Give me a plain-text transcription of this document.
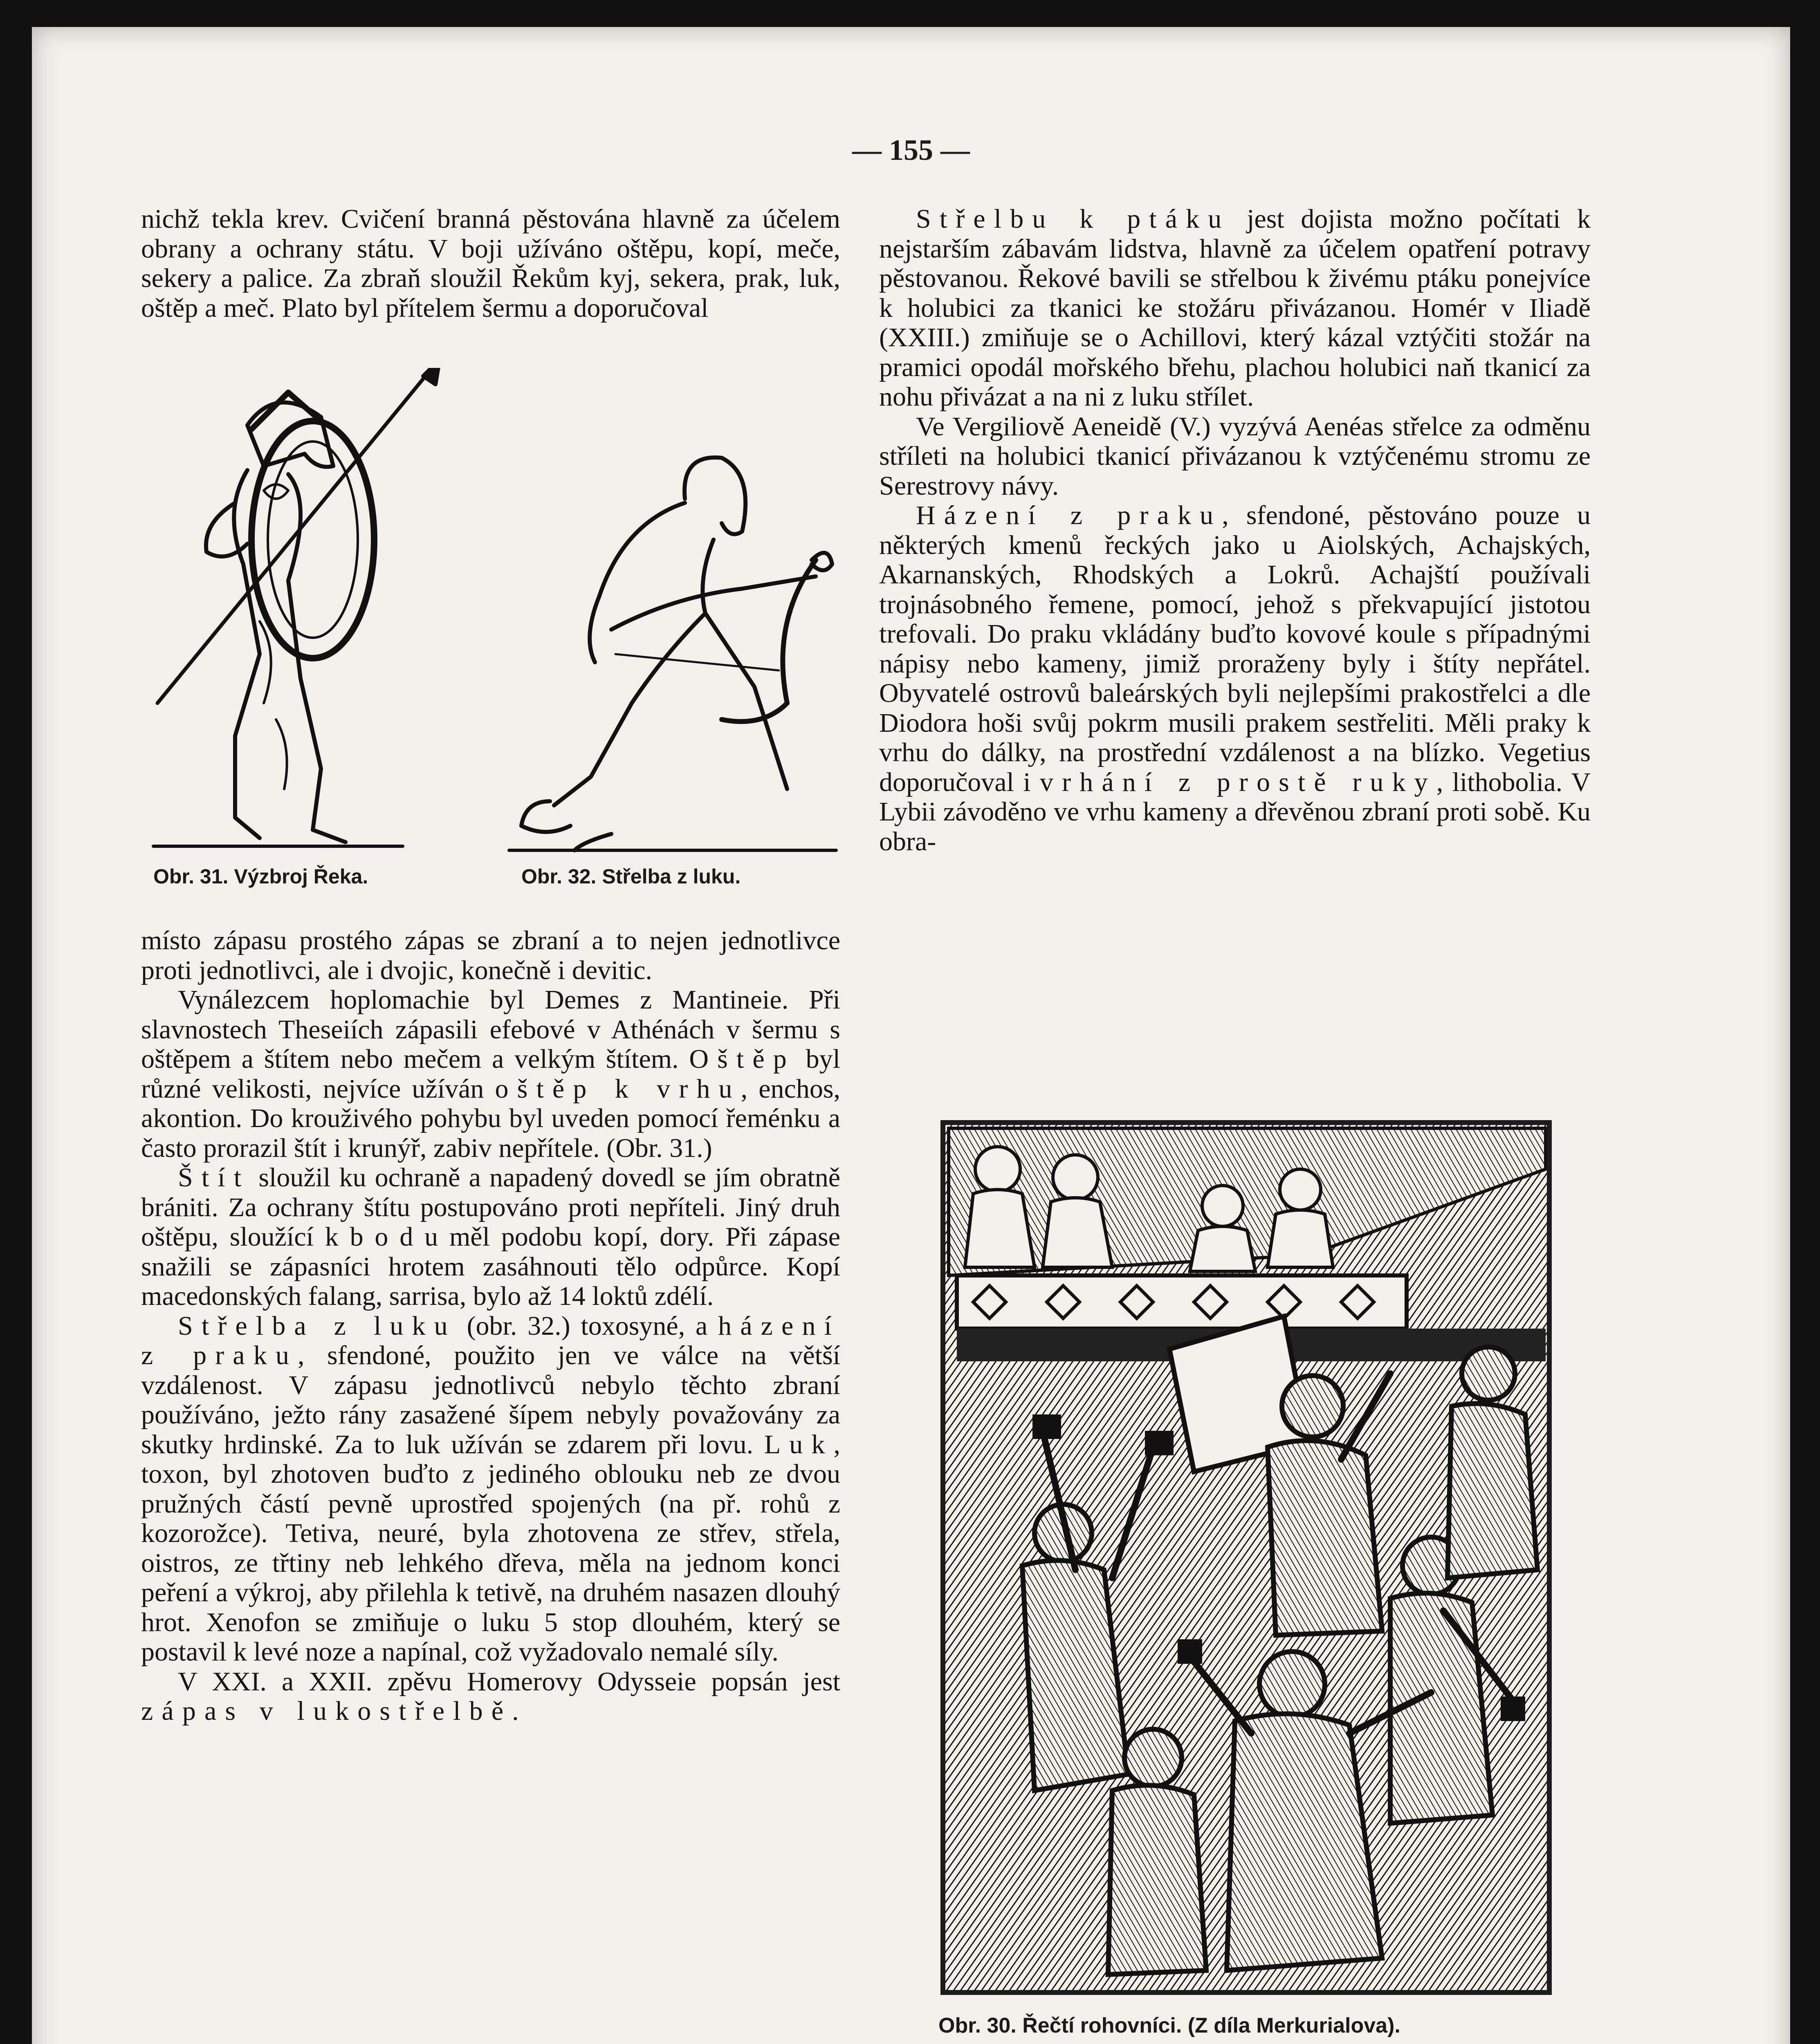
— 155 —

nichž tekla krev. Cvičení branná pěstována hlavně za účelem obrany a ochrany státu. V boji užíváno oštěpu, kopí, meče, sekery a palice. Za zbraň sloužil Řekům kyj, sekera, prak, luk, oštěp a meč. Plato byl přítelem šermu a doporučoval

Obr. 31. Výzbroj Řeka.	Obr. 32. Střelba z luku.

místo zápasu prostého zápas se zbraní a to nejen jednotlivce proti jednotlivci, ale i dvojic, konečně i devitic.

Vynálezcem hoplomachie byl Demes z Mantineie. Při slavnostech Theseiích zápasili efebové v Athénách v šermu s oštěpem a štítem nebo mečem a velkým štítem. Oštěp byl různé velikosti, nejvíce užíván oštěp k vrhu, enchos, akontion. Do krouživého pohybu byl uveden pomocí řeménku a často prorazil štít i krunýř, zabiv nepřítele. (Obr. 31.)

Štít sloužil ku ochraně a napadený dovedl se jím obratně brániti. Za ochrany štítu postupováno proti nepříteli. Jiný druh oštěpu, sloužící k b o d u měl podobu kopí, dory. Při zápase snažili se zápasníci hrotem zasáhnouti tělo odpůrce. Kopí macedonských falang, sarrisa, bylo až 14 loktů zdélí.

Střelba z luku (obr. 32.) toxosyné, a házení z praku, sfendoné, použito jen ve válce na větší vzdálenost. V zápasu jednotlivců nebylo těchto zbraní používáno, ježto rány zasažené šípem nebyly považovány za skutky hrdinské. Za to luk užíván se zdarem při lovu. Luk, toxon, byl zhotoven buďto z jediného oblouku neb ze dvou pružných částí pevně uprostřed spojených (na př. rohů z kozorožce). Tetiva, neuré, byla zhotovena ze střev, střela, oistros, ze třtiny neb lehkého dřeva, měla na jednom konci peření a výkroj, aby přilehla k tetivě, na druhém nasazen dlouhý hrot. Xenofon se zmiňuje o luku 5 stop dlouhém, který se postavil k levé noze a napínal, což vyžadovalo nemalé síly.

V XXI. a XXII. zpěvu Homerovy Odysseie popsán jest zápas v lukostřelbě.

Střelbu k ptáku jest dojista možno počítati k nejstarším zábavám lidstva, hlavně za účelem opatření potravy pěstovanou. Řekové bavili se střelbou k živému ptáku ponejvíce k holubici za tkanici ke stožáru přivázanou. Homér v Iliadě (XXIII.) zmiňuje se o Achillovi, který kázal vztýčiti stožár na pramici opodál mořského břehu, plachou holubici naň tkanicí za nohu přivázat a na ni z luku střílet.

Ve Vergiliově Aeneidě (V.) vyzývá Aenéas střelce za odměnu stříleti na holubici tkanicí přivázanou k vztýčenému stromu ze Serestrovy návy.

Házení z praku, sfendoné, pěstováno pouze u některých kmenů řeckých jako u Aiolských, Achajských, Akarnanských, Rhodských a Lokrů. Achajští používali trojnásobného řemene, pomocí, jehož s překvapující jistotou trefovali. Do praku vkládány buďto kovové koule s případnými nápisy nebo kameny, jimiž proraženy byly i štíty nepřátel. Obyvatelé ostrovů baleárských byli nejlepšími prakostřelci a dle Diodora hoši svůj pokrm musili prakem sestřeliti. Měli praky k vrhu do dálky, na prostřední vzdálenost a na blízko. Vegetius doporučoval i vrhání z prostě ruky, lithobolia. V Lybii závoděno ve vrhu kameny a dřevěnou zbraní proti sobě. Ku obra-

Obr. 30. Řečtí rohovníci. (Z díla Merkurialova).
